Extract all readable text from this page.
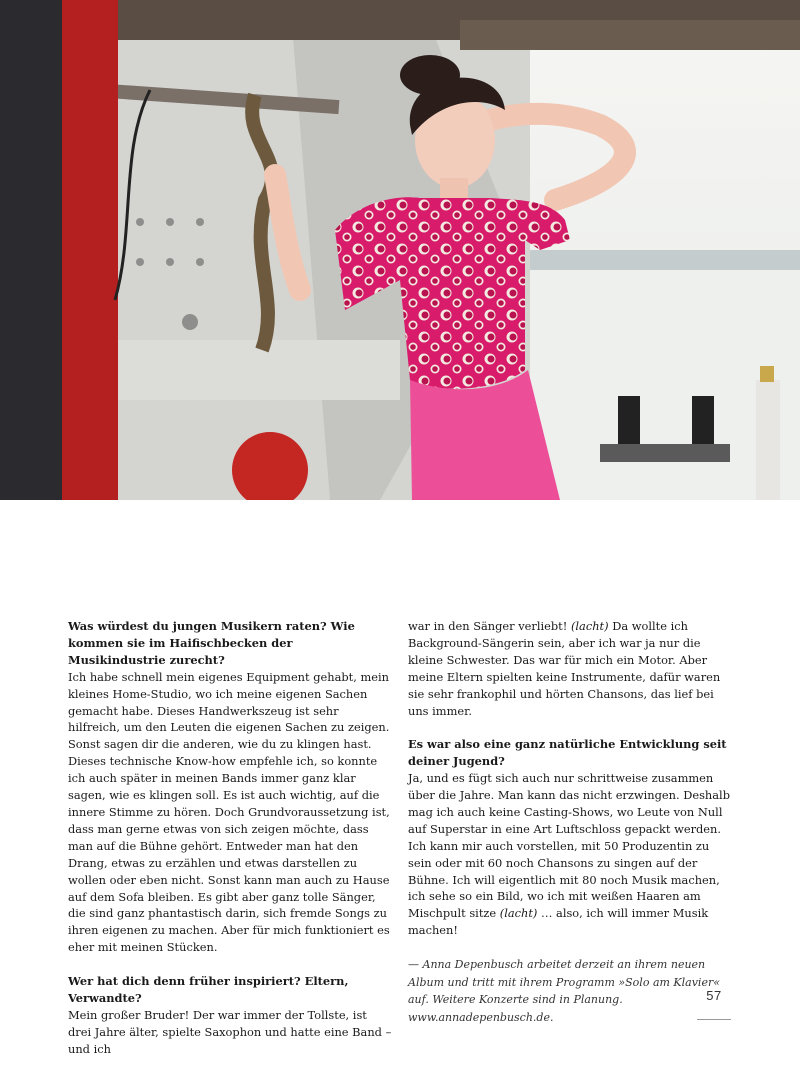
Was würdest du jungen Musikern raten? Wie kommen sie im Haifischbecken der Musikindustrie zurecht?

Ich habe schnell mein eigenes Equipment gehabt, mein kleines Home-Studio, wo ich meine eigenen Sachen gemacht habe. Dieses Handwerkszeug ist sehr hilfreich, um den Leuten die eigenen Sachen zu zeigen. Sonst sagen dir die anderen, wie du zu klingen hast. Dieses technische Know-how empfehle ich, so konnte ich auch später in meinen Bands immer ganz klar sagen, wie es klingen soll. Es ist auch wichtig, auf die innere Stimme zu hören. Doch Grundvoraussetzung ist, dass man gerne etwas von sich zeigen möchte, dass man auf die Bühne gehört. Entweder man hat den Drang, etwas zu erzählen und etwas darstellen zu wollen oder eben nicht. Sonst kann man auch zu Hause auf dem Sofa bleiben. Es gibt aber ganz tolle Sänger, die sind ganz phantastisch darin, sich fremde Songs zu ihren eigenen zu machen. Aber für mich funktioniert es eher mit meinen Stücken.

Wer hat dich denn früher inspiriert? Eltern, Verwandte?

Mein großer Bruder! Der war immer der Tollste, ist drei Jahre älter, spielte Saxophon und hatte eine Band – und ich

war in den Sänger verliebt! (lacht) Da wollte ich Background-Sängerin sein, aber ich war ja nur die kleine Schwester. Das war für mich ein Motor. Aber meine Eltern spielten keine Instrumente, dafür waren sie sehr frankophil und hörten Chansons, das lief bei uns immer.

Es war also eine ganz natürliche Entwicklung seit deiner Jugend?

Ja, und es fügt sich auch nur schrittweise zusammen über die Jahre. Man kann das nicht erzwingen. Deshalb mag ich auch keine Casting-Shows, wo Leute von Null auf Superstar in eine Art Luftschloss gepackt werden. Ich kann mir auch vorstellen, mit 50 Produzentin zu sein oder mit 60 noch Chansons zu singen auf der Bühne. Ich will eigentlich mit 80 noch Musik machen, ich sehe so ein Bild, wo ich mit weißen Haaren am Mischpult sitze (lacht) … also, ich will immer Musik machen!

— Anna Depenbusch arbeitet derzeit an ihrem neuen Album und tritt mit ihrem Programm »Solo am Klavier« auf. Weitere Konzerte sind in Planung. www.annadepenbusch.de.

57
